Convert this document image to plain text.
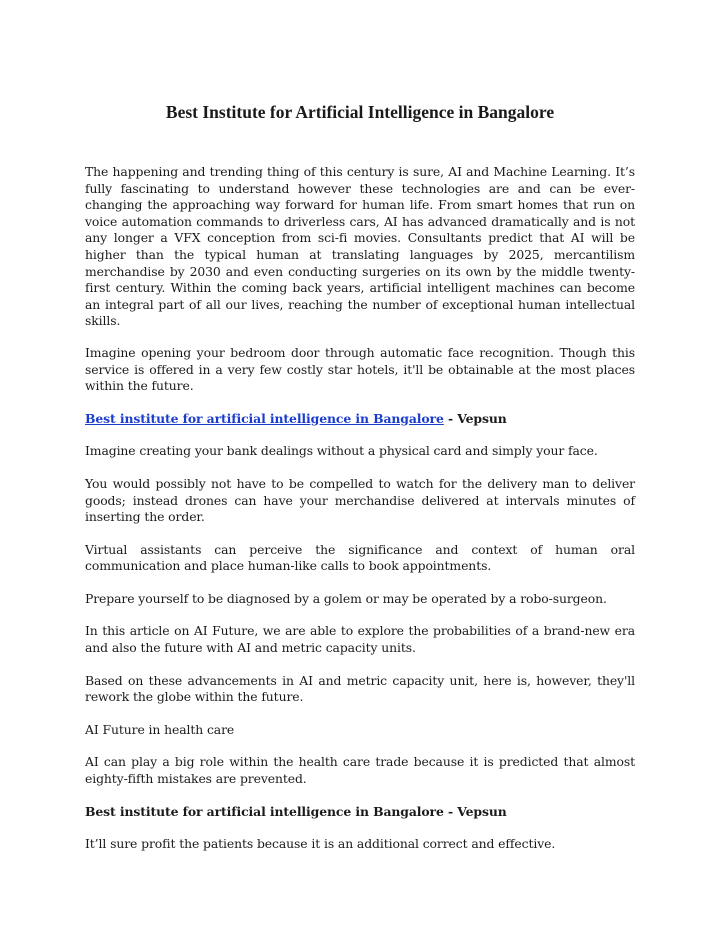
Best Institute for Artificial Intelligence in Bangalore

The happening and trending thing of this century is sure, AI and Machine Learning. It’s fully fascinating to understand however these technologies are and can be ever-changing the approaching way forward for human life. From smart homes that run on voice automation commands to driverless cars, AI has advanced dramatically and is not any longer a VFX conception from sci-fi movies. Consultants predict that AI will be higher than the typical human at translating languages by 2025, mercantilism merchandise by 2030 and even conducting surgeries on its own by the middle twenty-first century. Within the coming back years, artificial intelligent machines can become an integral part of all our lives, reaching the number of exceptional human intellectual skills.

Imagine opening your bedroom door through automatic face recognition. Though this service is offered in a very few costly star hotels, it'll be obtainable at the most places within the future.

Best institute for artificial intelligence in Bangalore - Vepsun

Imagine creating your bank dealings without a physical card and simply your face.

You would possibly not have to be compelled to watch for the delivery man to deliver goods; instead drones can have your merchandise delivered at intervals minutes of inserting the order.

Virtual assistants can perceive the significance and context of human oral communication and place human-like calls to book appointments.

Prepare yourself to be diagnosed by a golem or may be operated by a robo-surgeon.

In this article on AI Future, we are able to explore the probabilities of a brand-new era and also the future with AI and metric capacity units.

Based on these advancements in AI and metric capacity unit, here is, however, they'll rework the globe within the future.

AI Future in health care

AI can play a big role within the health care trade because it is predicted that almost eighty-fifth mistakes are prevented.

Best institute for artificial intelligence in Bangalore - Vepsun

It’ll sure profit the patients because it is an additional correct and effective.
